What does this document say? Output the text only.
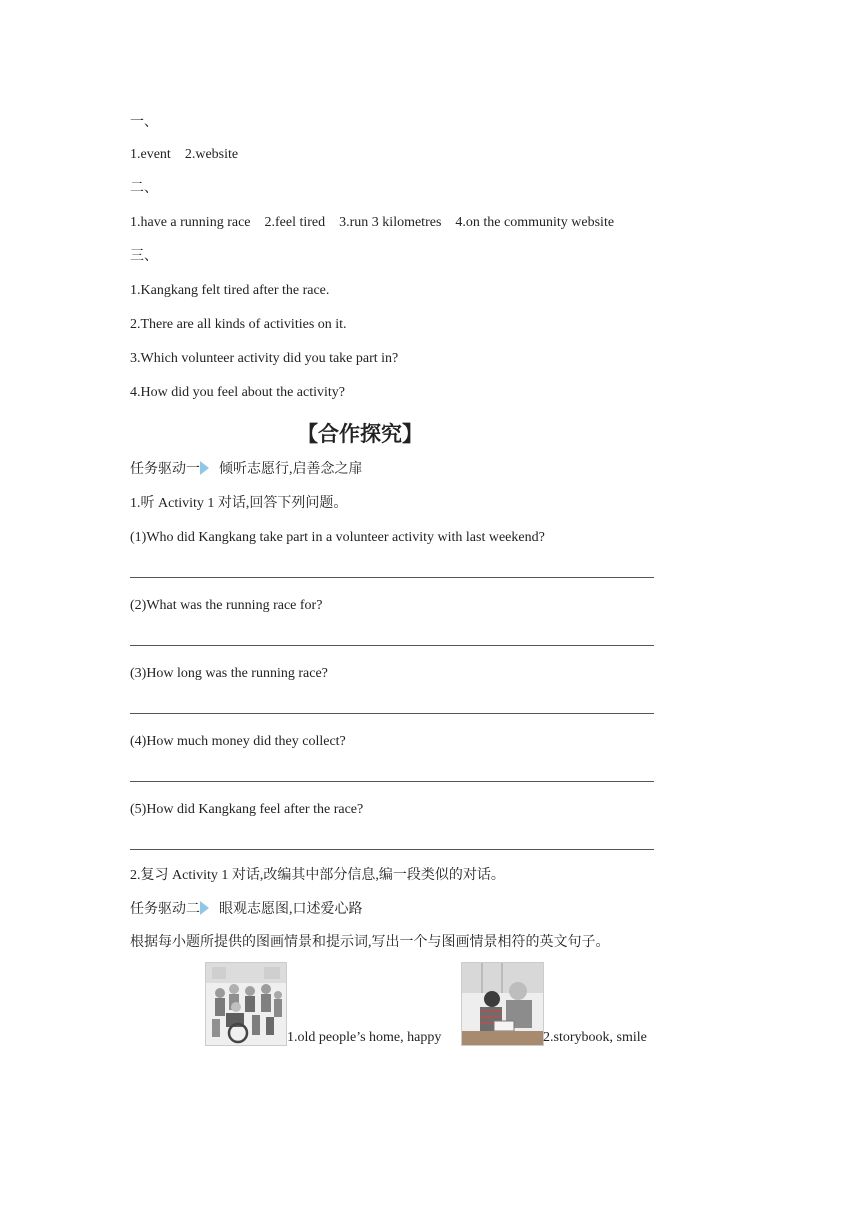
一、
1.event 2.website
二、
1.have a running race 2.feel tired 3.run 3 kilometres 4.on the community website
三、
1.Kangkang felt tired after the race.
2.There are all kinds of activities on it.
3.Which volunteer activity did you take part in?
4.How did you feel about the activity?
【合作探究】
任务驱动一 倾听志愿行,启善念之扉
1.听 Activity 1 对话,回答下列问题。
(1)Who did Kangkang take part in a volunteer activity with last weekend?
(2)What was the running race for?
(3)How long was the running race?
(4)How much money did they collect?
(5)How did Kangkang feel after the race?
2.复习 Activity 1 对话,改编其中部分信息,编一段类似的对话。
任务驱动二 眼观志愿图,口述爱心路
根据每小题所提供的图画情景和提示词,写出一个与图画情景相符的英文句子。
1.old people’s home, happy	2.storybook, smile
